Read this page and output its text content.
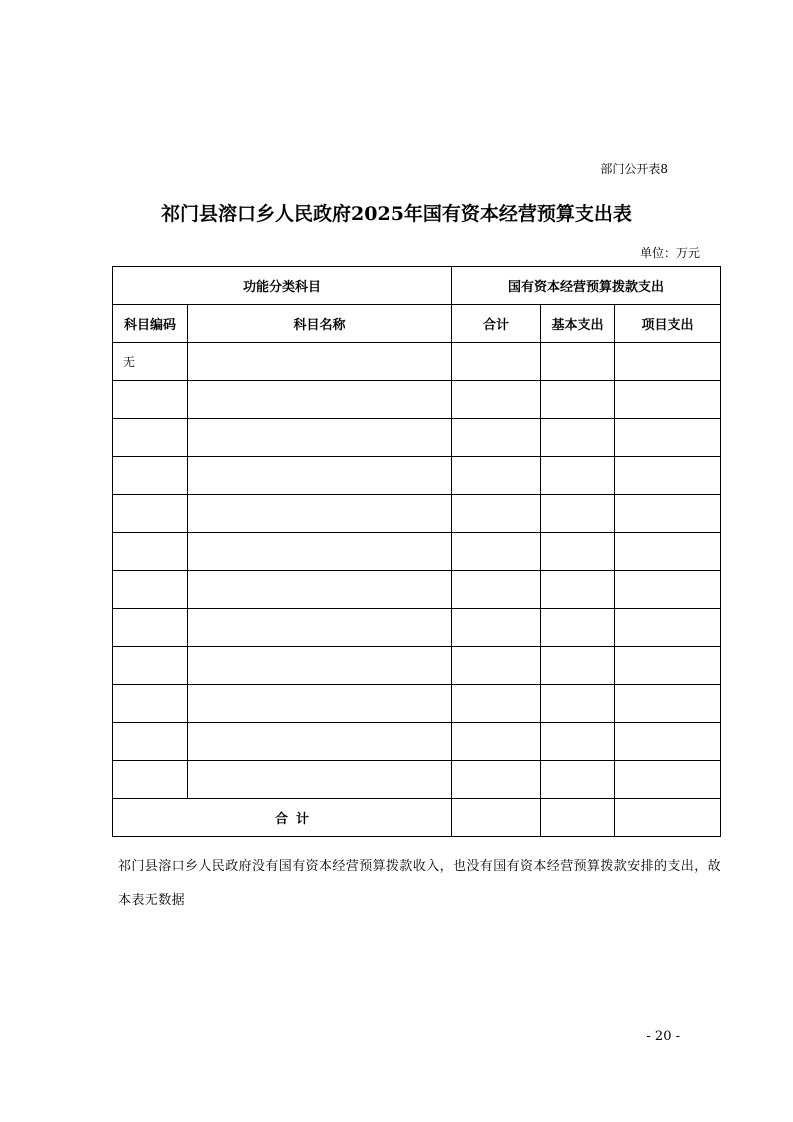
部门公开表8
祁门县溶口乡人民政府2025年国有资本经营预算支出表
单位：万元
功能分类科目		国有资本经营预算拨款支出		
科目编码	科目名称	合计	基本支出	项目支出
无				

合计				
祁门县溶口乡人民政府没有国有资本经营预算拨款收入，也没有国有资本经营预算拨款安排的支出，故本表无数据
- 20 -
